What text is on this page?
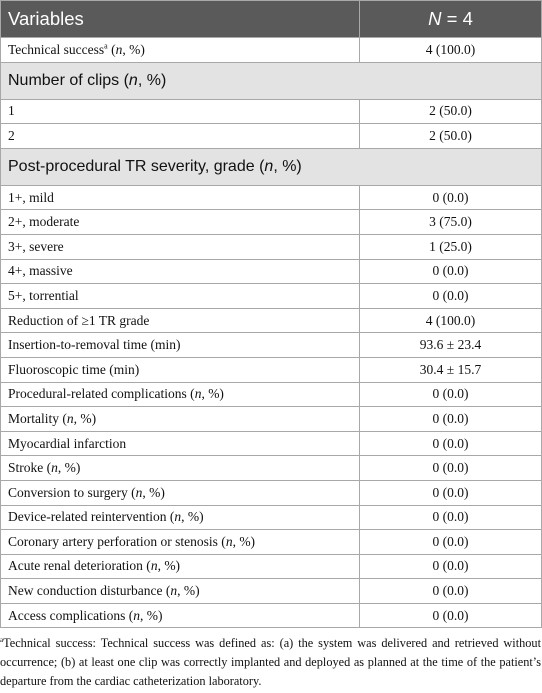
Variables	N = 4
Technical success$^a$ (n, %)	4 (100.0)
Number of clips (n, %)	
1	2 (50.0)
2	2 (50.0)
Post-procedural TR severity, grade (n, %)	
1+, mild	0 (0.0)
2+, moderate	3 (75.0)
3+, severe	1 (25.0)
4+, massive	0 (0.0)
5+, torrential	0 (0.0)
Reduction of ≥1 TR grade	4 (100.0)
Insertion-to-removal time (min)	93.6 ± 23.4
Fluoroscopic time (min)	30.4 ± 15.7
Procedural-related complications (n, %)	0 (0.0)
Mortality (n, %)	0 (0.0)
Myocardial infarction	0 (0.0)
Stroke (n, %)	0 (0.0)
Conversion to surgery (n, %)	0 (0.0)
Device-related reintervention (n, %)	0 (0.0)
Coronary artery perforation or stenosis (n, %)	0 (0.0)
Acute renal deterioration (n, %)	0 (0.0)
New conduction disturbance (n, %)	0 (0.0)
Access complications (n, %)	0 (0.0)
$^a$Technical success: Technical success was defined as: (a) the system was delivered and retrieved without occurrence; (b) at least one clip was correctly implanted and deployed as planned at the time of the patient’s departure from the cardiac catheterization laboratory.
